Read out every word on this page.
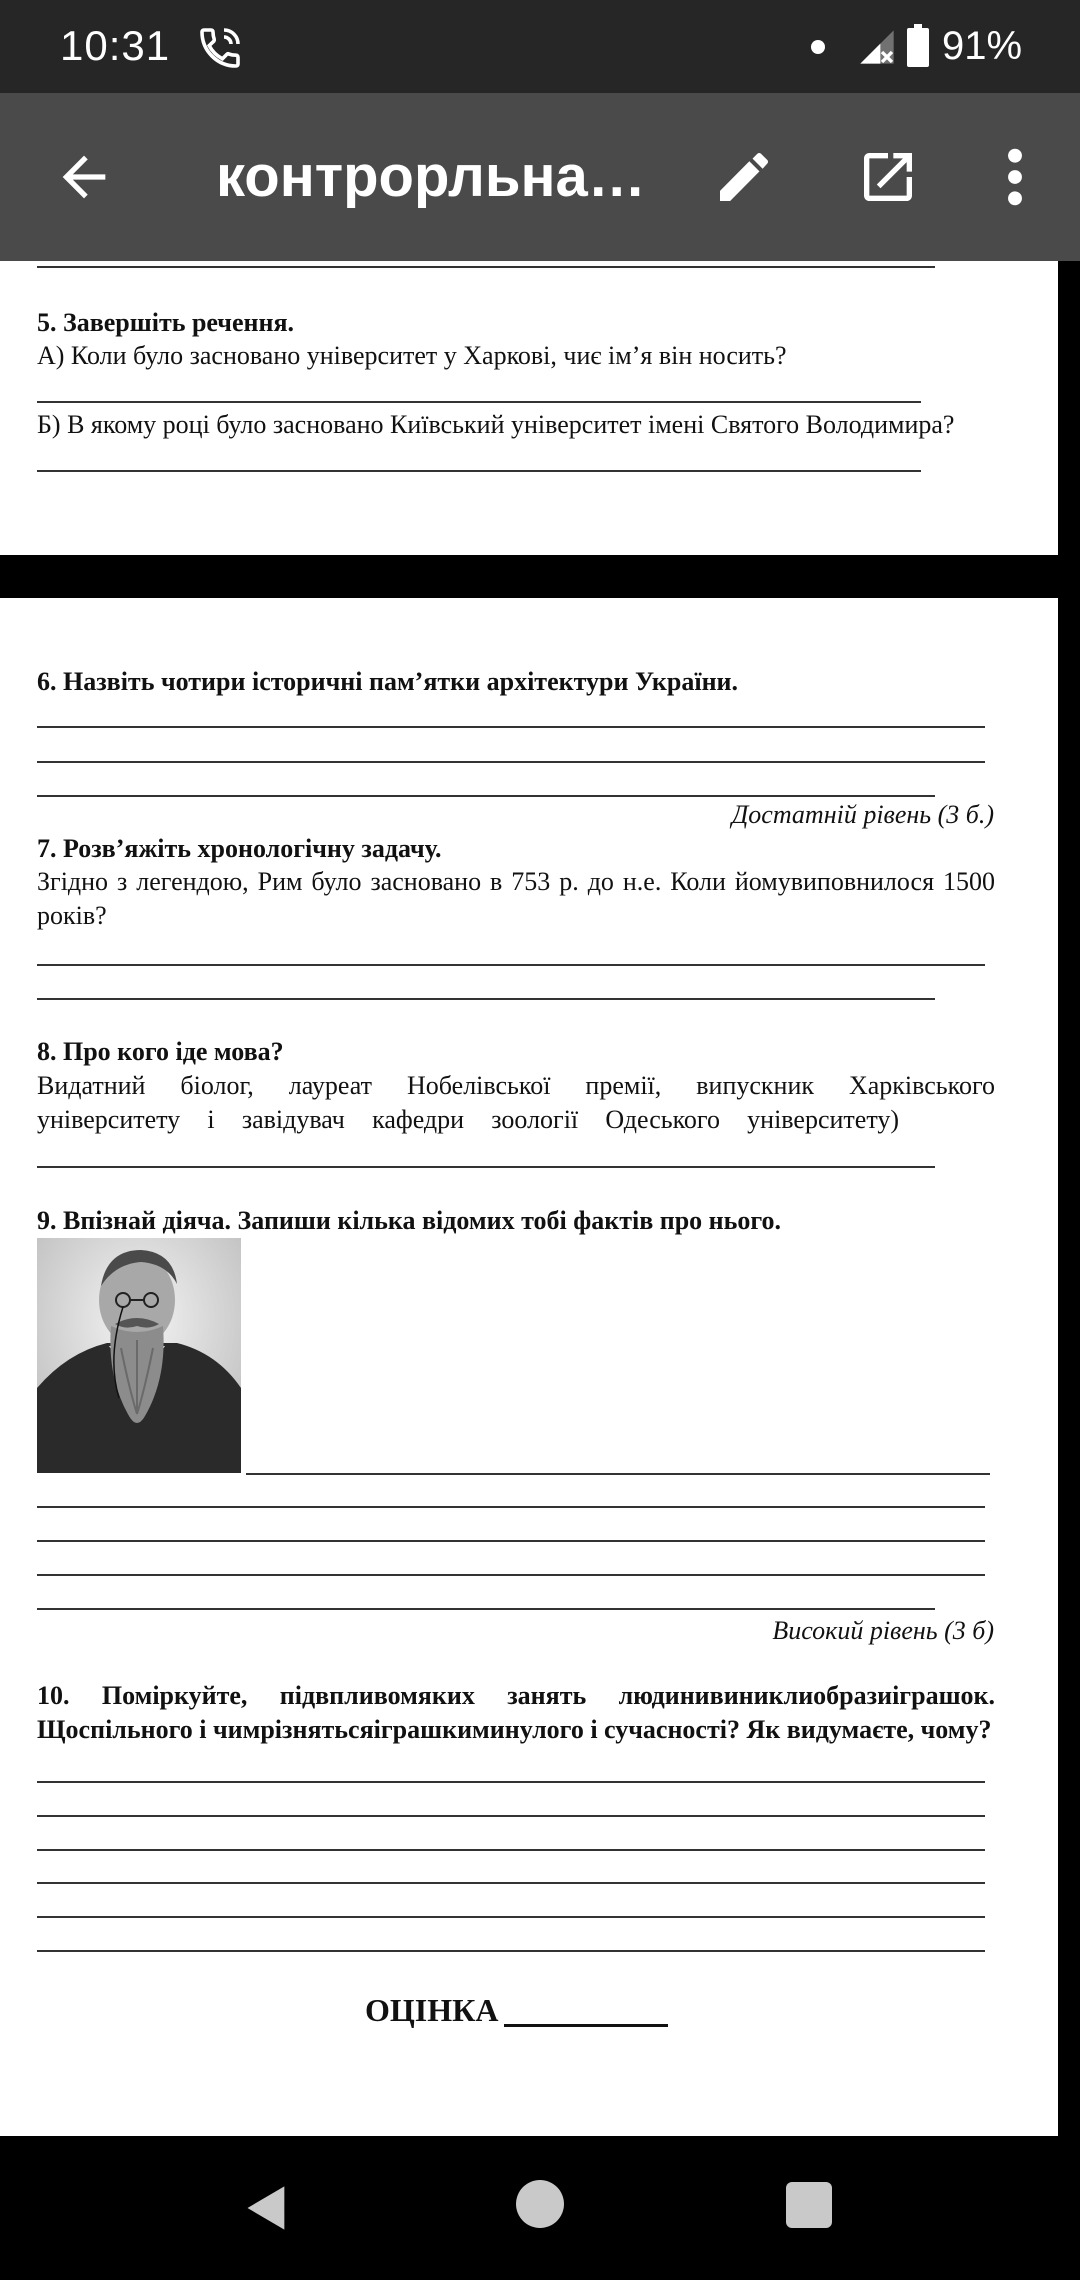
10:31	91%
контрорльна…
5. Завершіть речення.
А) Коли було засновано університет у Харкові, чиє ім’я він носить?
Б) В якому році було засновано Київський університет імені Святого Володимира?
6. Назвіть чотири історичні пам’ятки архітектури України.
Достатній рівень (3 б.)
7. Розв’яжіть хронологічну задачу.
Згідно з легендою, Рим було засновано в 753 р. до н.е. Коли йомувиповнилося 1500
років?
8. Про кого іде мова?
Видатний біолог, лауреат Нобелівської премії, випускник Харківського
університету і завідувач кафедри зоології Одеського університету)
9. Впізнай діяча. Запиши кілька відомих тобі фактів про нього.
Високий рівень (3 б)
10. Поміркуйте, підвпливомяких занять людинивиниклиобразиіграшок.
Щоспільного і чимрізнятьсяіграшкиминулого і сучасності? Як видумаєте, чому?
ОЦІНКА
